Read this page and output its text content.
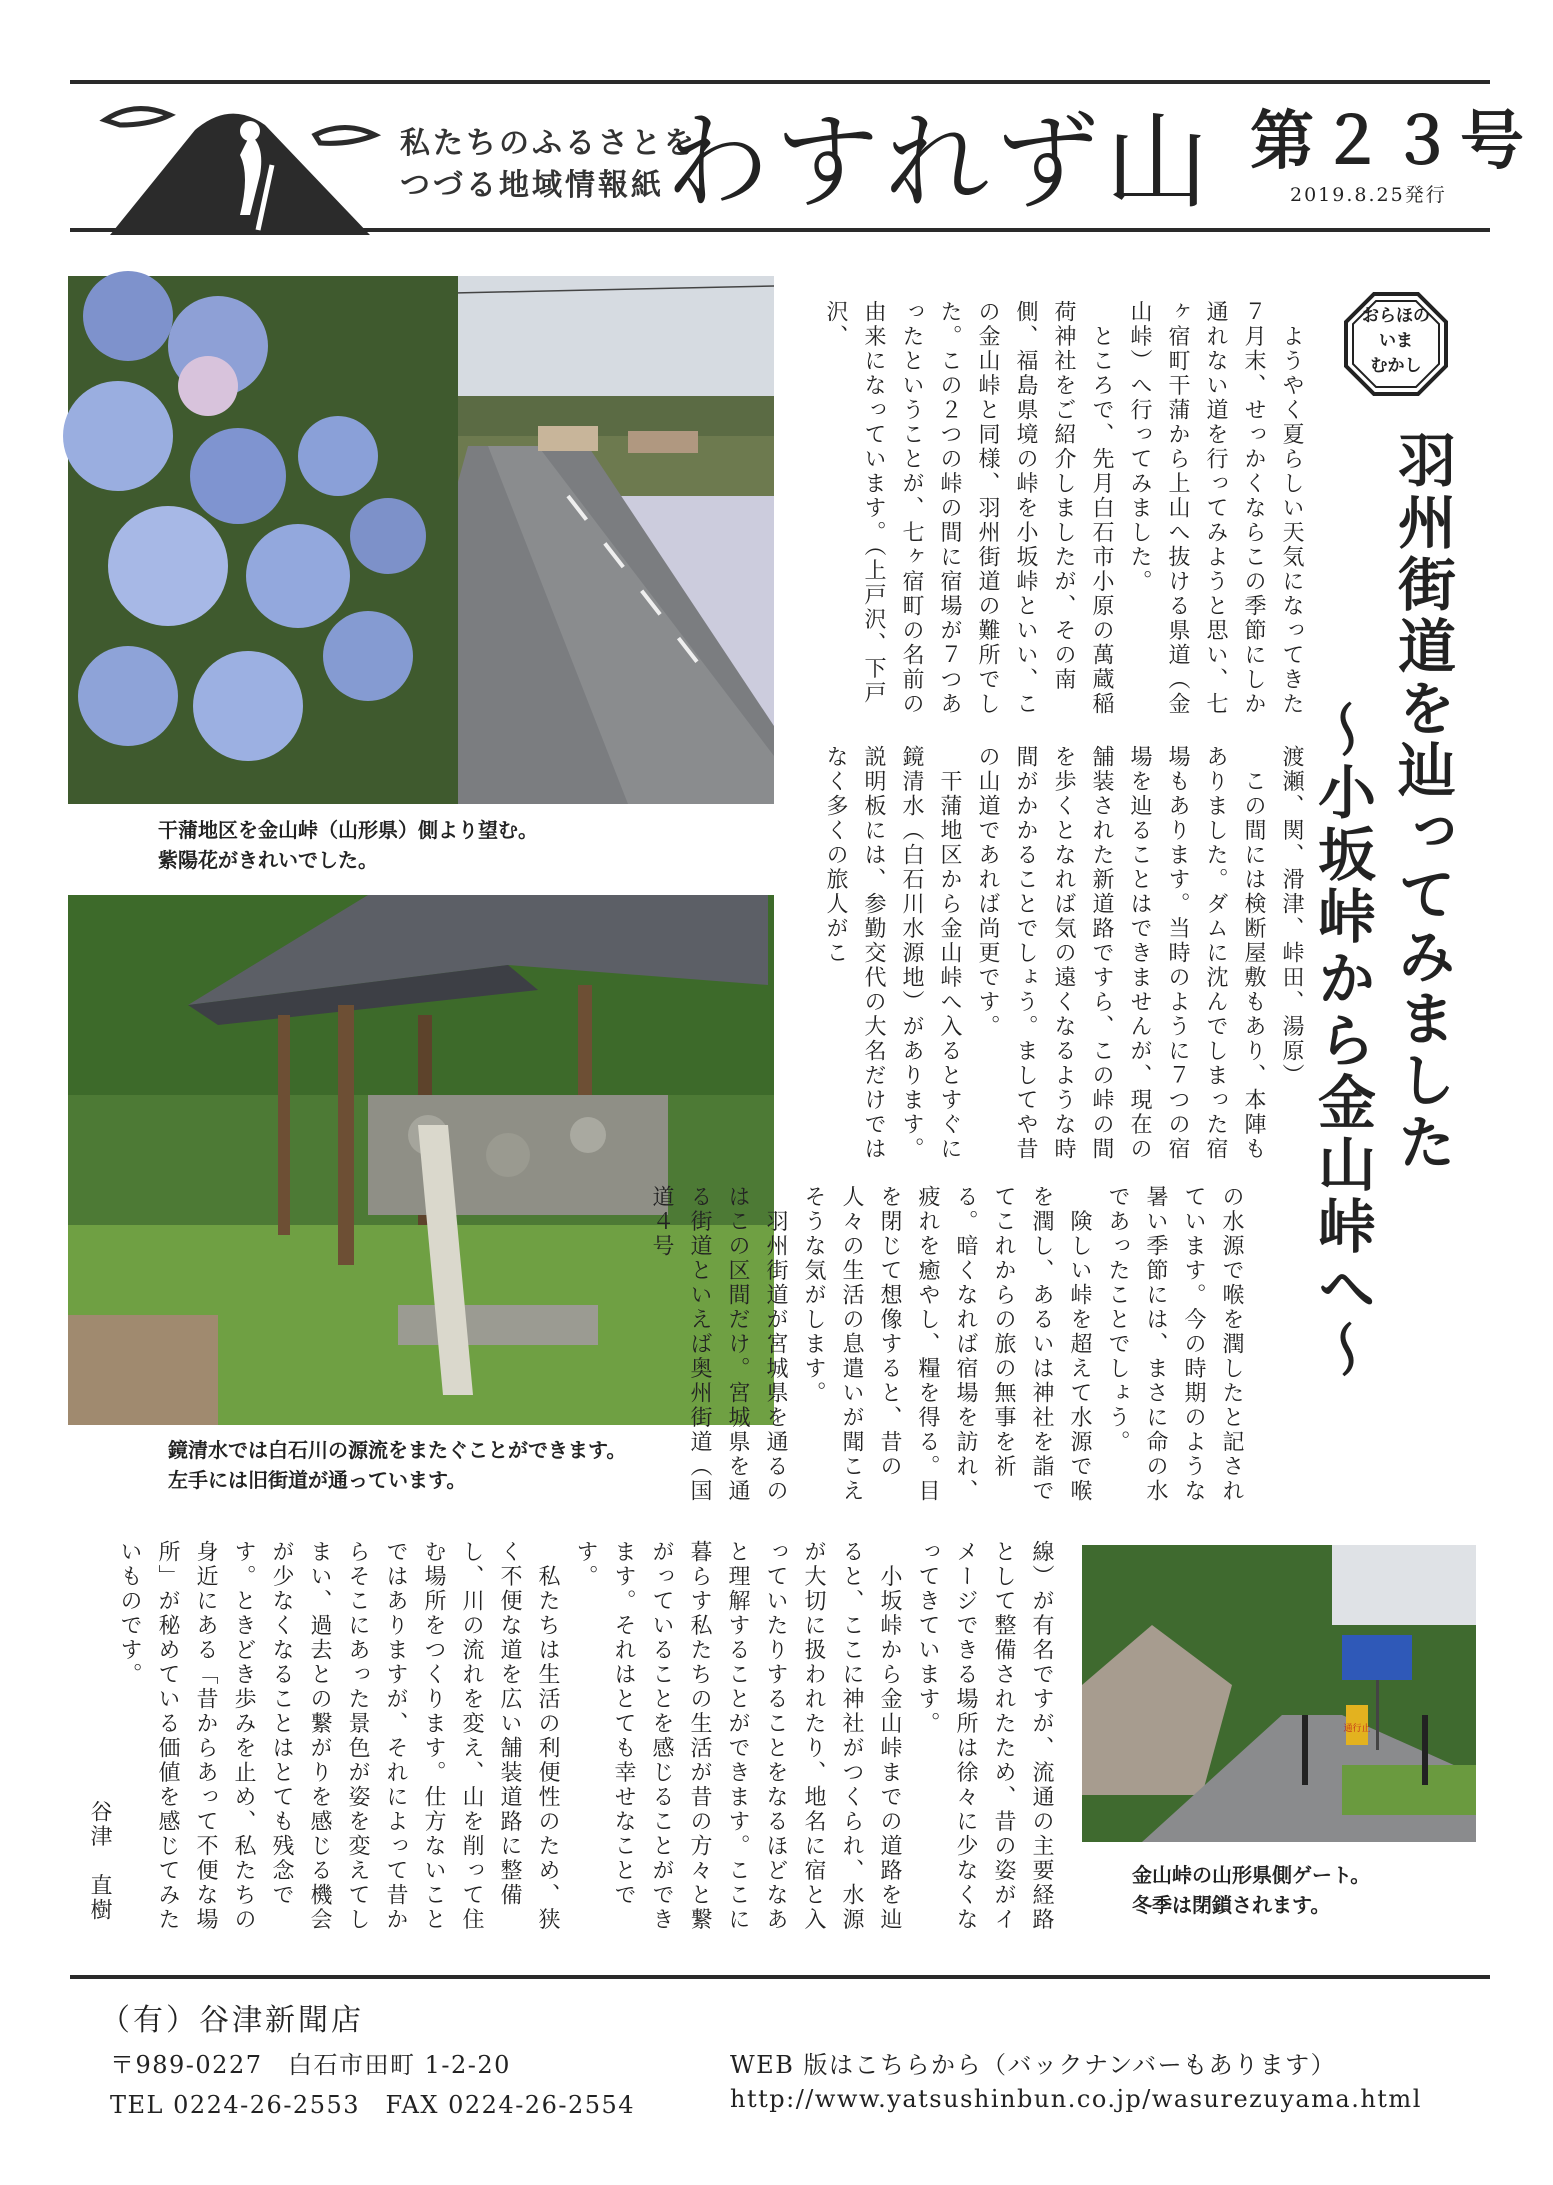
私たちのふるさとを
つづる地域情報紙 わすれず山 第２３号
2019.8.25発行
干蒲地区を金山峠（山形県）側より望む。
紫陽花がきれいでした。
鏡清水では白石川の源流をまたぐことができます。
左手には旧街道が通っています。
通行止
金山峠の山形県側ゲート。
冬季は閉鎖されます。
おらほの
いま
むかし
羽州街道を辿ってみました
～小坂峠から金山峠へ～

　ようやく夏らしい天気になってきた７月末、せっかくならこの季節にしか通れない道を行ってみようと思い、七ヶ宿町干蒲から上山へ抜ける県道（金山峠）へ行ってみました。
　ところで、先月白石市小原の萬蔵稲荷神社をご紹介しましたが、その南側、福島県境の峠を小坂峠といい、この金山峠と同様、羽州街道の難所でした。この２つの峠の間に宿場が７つあったということが、七ヶ宿町の名前の由来になっています。（上戸沢、下戸沢、

渡瀬、関、滑津、峠田、湯原）
　この間には検断屋敷もあり、本陣もありました。ダムに沈んでしまった宿場もあります。当時のように７つの宿場を辿ることはできませんが、現在の舗装された新道路ですら、この峠の間を歩くとなれば気の遠くなるような時間がかかることでしょう。ましてや昔の山道であれば尚更です。
　干蒲地区から金山峠へ入るとすぐに鏡清水（白石川水源地）があります。説明板には、参勤交代の大名だけではなく多くの旅人がこ

の水源で喉を潤したと記されています。今の時期のような暑い季節には、まさに命の水であったことでしょう。
　険しい峠を超えて水源で喉を潤し、あるいは神社を詣でてこれからの旅の無事を祈る。暗くなれば宿場を訪れ、疲れを癒やし、糧を得る。目を閉じて想像すると、昔の人々の生活の息遣いが聞こえそうな気がします。
　羽州街道が宮城県を通るのはこの区間だけ。宮城県を通る街道といえば奥州街道（国道４号

線）が有名ですが、流通の主要経路として整備されたため、昔の姿がイメージできる場所は徐々に少なくなってきています。
　小坂峠から金山峠までの道路を辿ると、ここに神社がつくられ、水源が大切に扱われたり、地名に宿と入っていたりすることをなるほどなあと理解することができます。ここに暮らす私たちの生活が昔の方々と繋がっていることを感じることができます。それはとても幸せなことです。
　私たちは生活の利便性のため、狭く不便な道を広い舗装道路に整備し、川の流れを変え、山を削って住む場所をつくります。仕方ないことではありますが、それによって昔からそこにあった景色が姿を変えてしまい、過去との繋がりを感じる機会が少なくなることはとても残念です。ときどき歩みを止め、私たちの身近にある「昔からあって不便な場所」が秘めている価値を感じてみたいものです。

谷津　直樹
（有）谷津新聞店
〒989-0227　白石市田町 1-2-20
TEL 0224-26-2553　FAX 0224-26-2554
WEB 版はこちらから（バックナンバーもあります）
http://www.yatsushinbun.co.jp/wasurezuyama.html
